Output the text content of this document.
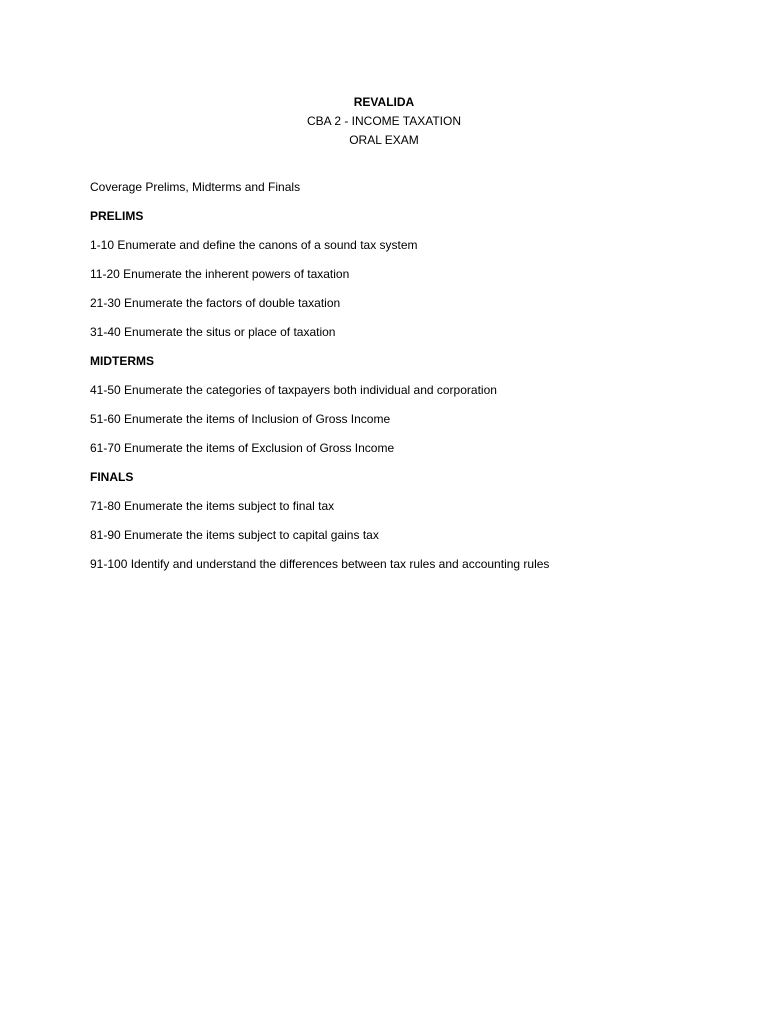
REVALIDA
CBA 2 - INCOME TAXATION
ORAL EXAM
Coverage Prelims, Midterms and Finals
PRELIMS
1-10 Enumerate and define the canons of a sound tax system
11-20 Enumerate the inherent powers of taxation
21-30 Enumerate the factors of double taxation
31-40 Enumerate the situs or place of taxation
MIDTERMS
41-50 Enumerate the categories of taxpayers both individual and corporation
51-60 Enumerate the items of Inclusion of Gross Income
61-70 Enumerate the items of Exclusion of Gross Income
FINALS
71-80 Enumerate the items subject to final tax
81-90 Enumerate the items subject to capital gains tax
91-100 Identify and understand the differences between tax rules and accounting rules
